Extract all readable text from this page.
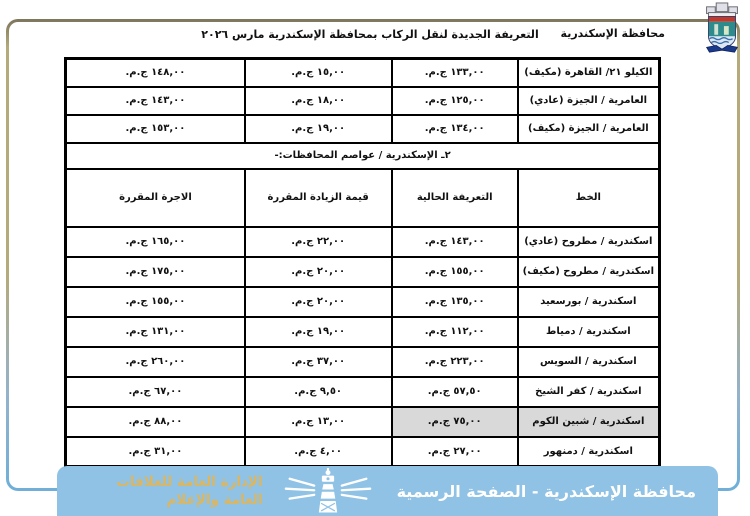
محافظة الإسكندرية
التعريفة الجديدة لنقل الركاب بمحافظة الإسكندرية مارس ٢٠٢٦
الكيلو ٢١/ القاهرة (مكيف)	١٣٣,٠٠ ج.م.	١٥,٠٠ ج.م.	١٤٨,٠٠ ج.م.
العامرية / الجيزة (عادي)	١٢٥,٠٠ ج.م.	١٨,٠٠ ج.م.	١٤٣,٠٠ ج.م.
العامرية / الجيزة (مكيف)	١٣٤,٠٠ ج.م.	١٩,٠٠ ج.م.	١٥٣,٠٠ ج.م.
٢ـ الإسكندرية / عواصم المحافظات:-			
الخط	التعريفة الحالية	قيمة الزيادة المقررة	الاجرة المقررة
اسكندرية / مطروح (عادي)	١٤٣,٠٠ ج.م.	٢٢,٠٠ ج.م.	١٦٥,٠٠ ج.م.
اسكندرية / مطروح (مكيف)	١٥٥,٠٠ ج.م.	٢٠,٠٠ ج.م.	١٧٥,٠٠ ج.م.
اسكندرية / بورسعيد	١٣٥,٠٠ ج.م.	٢٠,٠٠ ج.م.	١٥٥,٠٠ ج.م.
اسكندرية / دمياط	١١٢,٠٠ ج.م.	١٩,٠٠ ج.م.	١٣١,٠٠ ج.م.
اسكندرية / السويس	٢٢٣,٠٠ ج.م.	٣٧,٠٠ ج.م.	٢٦٠,٠٠ ج.م.
اسكندرية / كفر الشيخ	٥٧,٥٠ ج.م.	٩,٥٠ ج.م.	٦٧,٠٠ ج.م.
اسكندرية / شبين الكوم	٧٥,٠٠ ج.م.	١٣,٠٠ ج.م.	٨٨,٠٠ ج.م.
اسكندرية / دمنهور	٢٧,٠٠ ج.م.	٤,٠٠ ج.م.	٣١,٠٠ ج.م.
محافظة الإسكندرية - الصفحة الرسمية
الإدارة العامة للعلاقات العامة والإعلام
